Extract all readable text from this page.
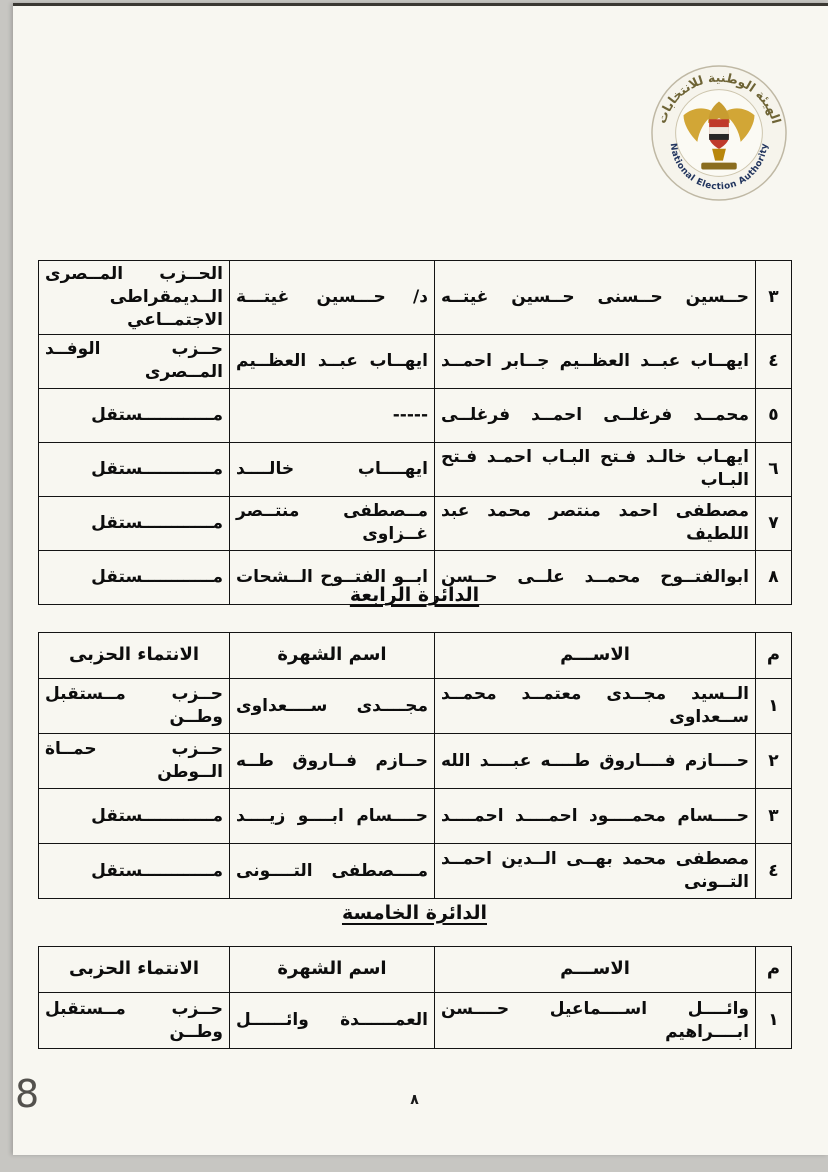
الهيئة الوطنية للانتخابات
National Election Authority
٣	حــسين حــسنى حــسين غيتــه	د/ حـــسين غيتـــة	الحــزب المــصرى الــديمقراطى الاجتمــاعي
٤	ايهــاب عبــد العظــيم جــابر احمــد	ايهــاب عبــد العظــيم	حــزب الوفــد المــصرى
٥	محمــد فرغلــى احمــد فرغلــى	-----	مــــــــــــستقل
٦	ايهـاب خالـد فـتح البـاب احمـد فـتح البـاب	ايهــــاب خالــــد	مــــــــــــستقل
٧	مصطفى احمد منتصر محمد عبد اللطيف	مــصطفى منتــصر غــزاوى	مــــــــــــستقل
٨	ابوالفتــوح محمــد علــى حــسن	ابــو الفتــوح الــشحات	مــــــــــــستقل
الدائرة الرابعة
م	الاســـم	اسم الشهرة	الانتماء الحزبى
١	الــسيد مجــدى معتمــد محمــد ســعداوى	مجــــدى ســــعداوى	حــزب مــستقبل وطــن
٢	حــــازم فــــاروق طــــه عبــــد الله	حــازم فــاروق طــه	حــزب حمــاة الــوطن
٣	حــــسام محمــــود احمــــد احمــــد	حــــسام ابــــو زيــــد	مــــــــــــستقل
٤	مصطفى محمد بهــى الــدين احمــد التــونى	مــــصطفى التــــونى	مــــــــــــستقل
الدائرة الخامسة
م	الاســـم	اسم الشهرة	الانتماء الحزبى
١	وائــــل اســــماعيل حــــسن ابــــراهيم	العمــــــدة وائــــــل	حــزب مــستقبل وطــن
٨
8
